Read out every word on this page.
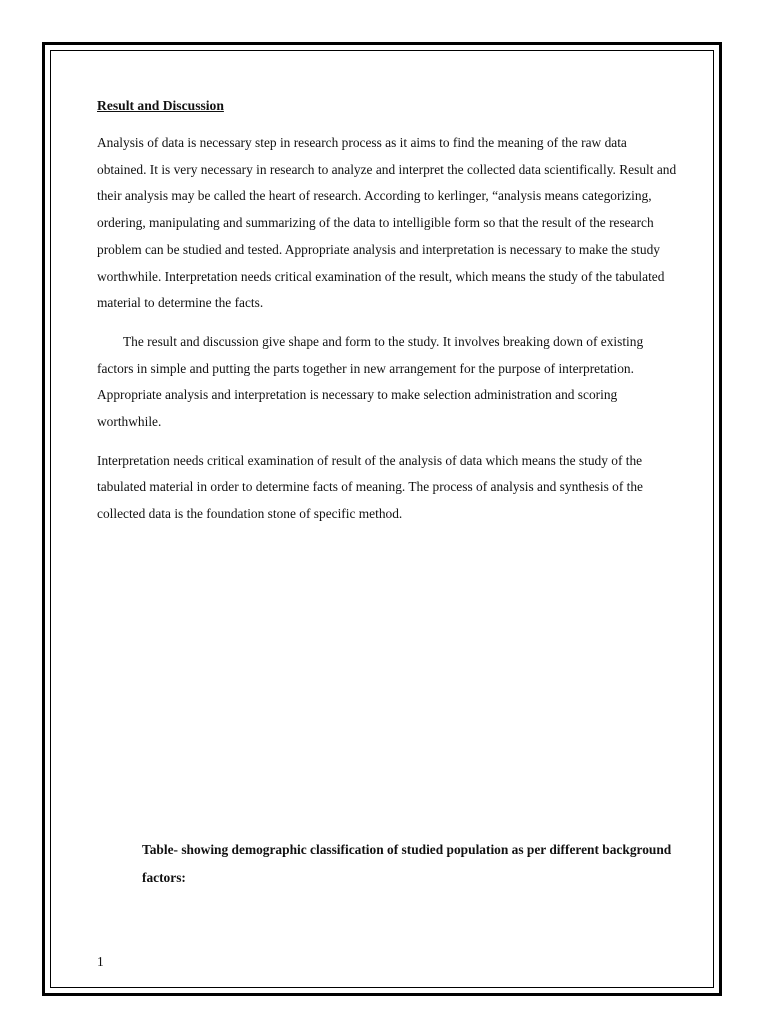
Result and Discussion

Analysis of data is necessary step in research process as it aims to find the meaning of the raw data obtained. It is very necessary in research to analyze and interpret the collected data scientifically. Result and their analysis may be called the heart of research. According to kerlinger, “analysis means categorizing, ordering, manipulating and summarizing of the data to intelligible form so that the result of the research problem can be studied and tested. Appropriate analysis and interpretation is necessary to make the study worthwhile. Interpretation needs critical examination of the result, which means the study of the tabulated material to determine the facts.

The result and discussion give shape and form to the study. It involves breaking down of existing factors in simple and putting the parts together in new arrangement for the purpose of interpretation. Appropriate analysis and interpretation is necessary to make selection administration and scoring worthwhile.

Interpretation needs critical examination of result of the analysis of data which means the study of the tabulated material in order to determine facts of meaning. The process of analysis and synthesis of the collected data is the foundation stone of specific method.

Table- showing demographic classification of studied population as per different background factors:

1
